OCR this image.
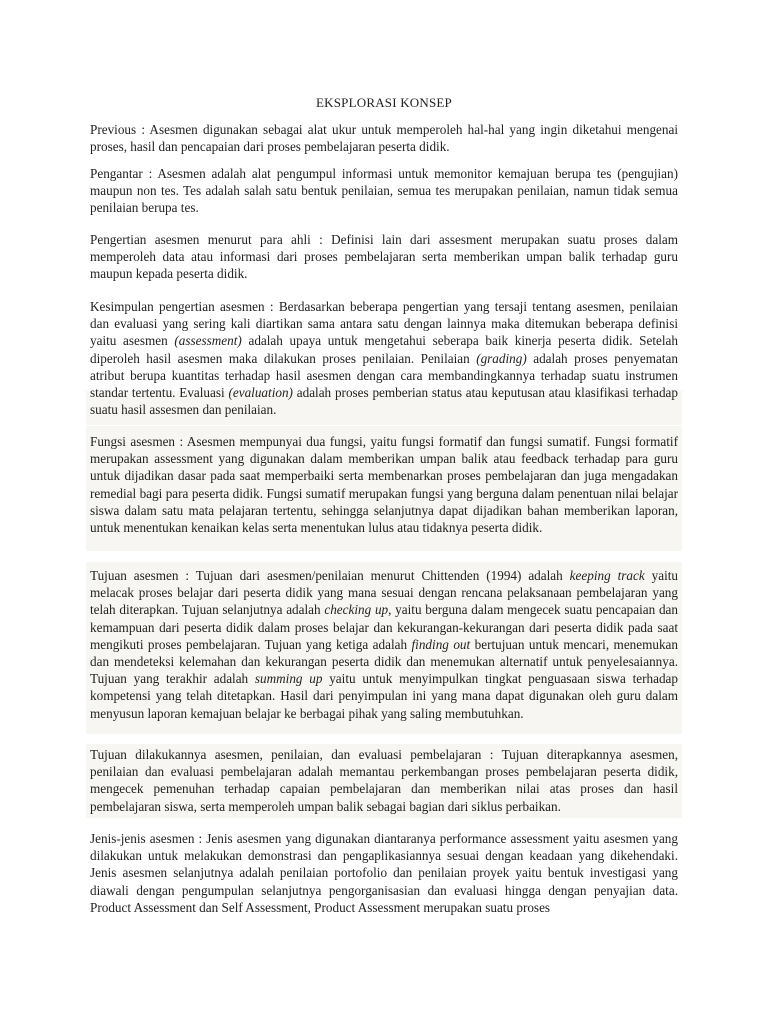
EKSPLORASI KONSEP

Previous : Asesmen digunakan sebagai alat ukur untuk memperoleh hal-hal yang ingin diketahui mengenai proses, hasil dan pencapaian dari proses pembelajaran peserta didik.

Pengantar : Asesmen adalah alat pengumpul informasi untuk memonitor kemajuan berupa tes (pengujian) maupun non tes. Tes adalah salah satu bentuk penilaian, semua tes merupakan penilaian, namun tidak semua penilaian berupa tes.

Pengertian asesmen menurut para ahli : Definisi lain dari assesment merupakan suatu proses dalam memperoleh data atau informasi dari proses pembelajaran serta memberikan umpan balik terhadap guru maupun kepada peserta didik.

Kesimpulan pengertian asesmen : Berdasarkan beberapa pengertian yang tersaji tentang asesmen, penilaian dan evaluasi yang sering kali diartikan sama antara satu dengan lainnya maka ditemukan beberapa definisi yaitu asesmen (assessment) adalah upaya untuk mengetahui seberapa baik kinerja peserta didik. Setelah diperoleh hasil asesmen maka dilakukan proses penilaian. Penilaian (grading) adalah proses penyematan atribut berupa kuantitas terhadap hasil asesmen dengan cara membandingkannya terhadap suatu instrumen standar tertentu. Evaluasi (evaluation) adalah proses pemberian status atau keputusan atau klasifikasi terhadap suatu hasil assesmen dan penilaian.

Fungsi asesmen : Asesmen mempunyai dua fungsi, yaitu fungsi formatif dan fungsi sumatif. Fungsi formatif merupakan assessment yang digunakan dalam memberikan umpan balik atau feedback terhadap para guru untuk dijadikan dasar pada saat memperbaiki serta membenarkan proses pembelajaran dan juga mengadakan remedial bagi para peserta didik. Fungsi sumatif merupakan fungsi yang berguna dalam penentuan nilai belajar siswa dalam satu mata pelajaran tertentu, sehingga selanjutnya dapat dijadikan bahan memberikan laporan, untuk menentukan kenaikan kelas serta menentukan lulus atau tidaknya peserta didik.

Tujuan asesmen : Tujuan dari asesmen/penilaian menurut Chittenden (1994) adalah keeping track yaitu melacak proses belajar dari peserta didik yang mana sesuai dengan rencana pelaksanaan pembelajaran yang telah diterapkan. Tujuan selanjutnya adalah checking up, yaitu berguna dalam mengecek suatu pencapaian dan kemampuan dari peserta didik dalam proses belajar dan kekurangan-kekurangan dari peserta didik pada saat mengikuti proses pembelajaran. Tujuan yang ketiga adalah finding out bertujuan untuk mencari, menemukan dan mendeteksi kelemahan dan kekurangan peserta didik dan menemukan alternatif untuk penyelesaiannya. Tujuan yang terakhir adalah summing up yaitu untuk menyimpulkan tingkat penguasaan siswa terhadap kompetensi yang telah ditetapkan. Hasil dari penyimpulan ini yang mana dapat digunakan oleh guru dalam menyusun laporan kemajuan belajar ke berbagai pihak yang saling membutuhkan.

Tujuan dilakukannya asesmen, penilaian, dan evaluasi pembelajaran : Tujuan diterapkannya asesmen, penilaian dan evaluasi pembelajaran adalah memantau perkembangan proses pembelajaran peserta didik, mengecek pemenuhan terhadap capaian pembelajaran dan memberikan nilai atas proses dan hasil pembelajaran siswa, serta memperoleh umpan balik sebagai bagian dari siklus perbaikan.

Jenis-jenis asesmen : Jenis asesmen yang digunakan diantaranya performance assessment yaitu asesmen yang dilakukan untuk melakukan demonstrasi dan pengaplikasiannya sesuai dengan keadaan yang dikehendaki. Jenis asesmen selanjutnya adalah penilaian portofolio dan penilaian proyek yaitu bentuk investigasi yang diawali dengan pengumpulan selanjutnya pengorganisasian dan evaluasi hingga dengan penyajian data. Product Assessment dan Self Assessment, Product Assessment merupakan suatu proses
